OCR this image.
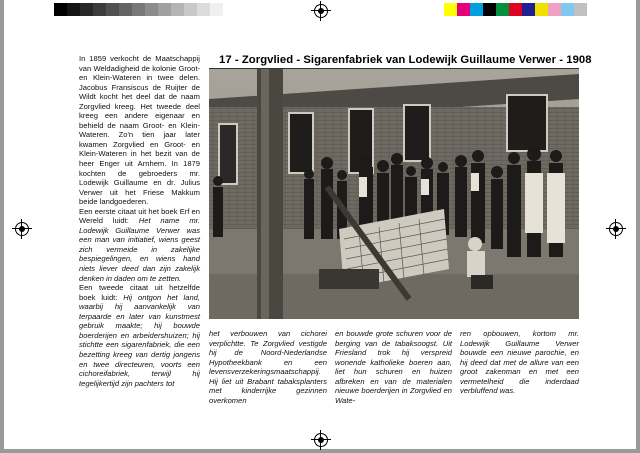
In 1859 verkocht de Maatschappij van Weldadigheid de kolonie Groot- en Klein-Wateren in twee delen. Jacobus Fransiscus de Ruijter de Wildt kocht het deel dat de naam Zorgvlied kreeg. Het tweede deel kreeg een andere eigenaar en behield de naam Groot- en Klein-Wateren. Zo'n tien jaar later kwamen Zorgvlied en Groot- en Klein-Wateren in het bezit van de heer Enger uit Arnhem. In 1879 kochten de gebroeders mr. Lodewijk Guillaume en dr. Julius Verwer uit het Friese Makkum beide landgoederen.

Een eerste citaat uit het boek Erf en Wereld luidt: Het name mr. Lodewijk Guillaume Verwer was een man van initiatief, wiens geest zich vermeide in zakelijke bespiegelingen, en wiens hand niets liever deed dan zijn zakelijk denken in daden om te zetten.

Een tweede citaat uit hetzelfde boek luidt: Hij ontgon het land, waarbij hij aanvankelijk van terpaarde en later van kunstmest gebruik maakte; hij bouwde boerderijen en arbeidershuizen; hij stichtte een sigarenfabriek, die een bezetting kreeg van dertig jongens en twee directeuren, voorts een cichoreifabriek, terwijl hij tegelijkertijd zijn pachters tot

17 - Zorgvlied - Sigarenfabriek van Lodewijk Guillaume Verwer - 1908

het verbouwen van cichorei verplichtte. Te Zorgvlied vestigde hij de Noord-Nederlandse Hypotheekbank en een levensverzekeringsmaatschappij. Hij liet uit Brabant tabaksplanters met kinderrijke gezinnen overkomen

en bouwde grote schuren voor de berging van de tabaksoogst. Uit Friesland trok hij verspreid wonende katholieke boeren aan, liet hun schuren en huizen afbreken en van de materialen nieuwe boerderijen in Zorgvlied en Wate-

ren opbouwen, kortom mr. Lodewijk Guillaume Verwer bouwde een nieuwe parochie, en hij deed dat met de allure van een groot zakenman en met een vermetelheid die inderdaad verbluffend was.
